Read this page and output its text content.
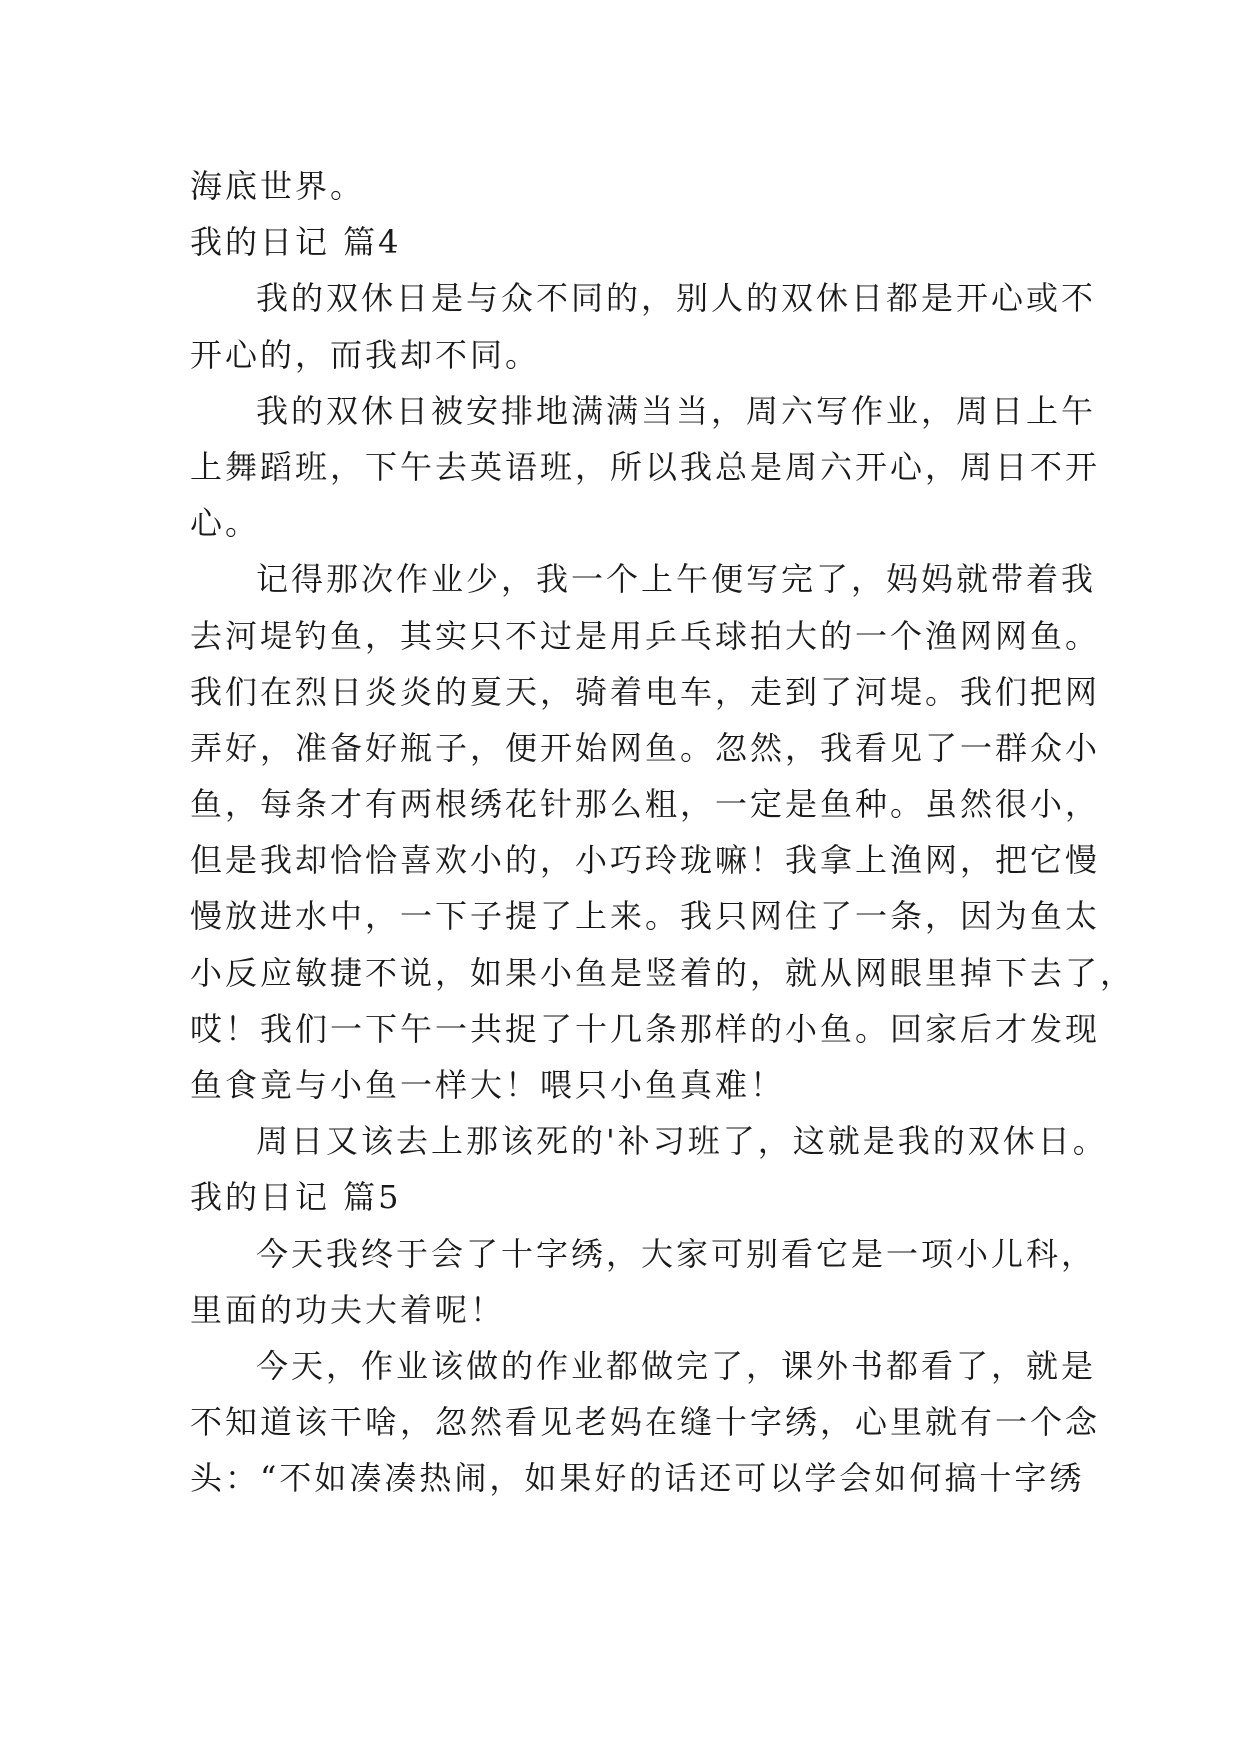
海底世界。
我的日记 篇4
我的双休日是与众不同的，别人的双休日都是开心或不
开心的，而我却不同。
我的双休日被安排地满满当当，周六写作业，周日上午
上舞蹈班，下午去英语班，所以我总是周六开心，周日不开
心。
记得那次作业少，我一个上午便写完了，妈妈就带着我
去河堤钓鱼，其实只不过是用乒乓球拍大的一个渔网网鱼。
我们在烈日炎炎的夏天，骑着电车，走到了河堤。我们把网
弄好，准备好瓶子，便开始网鱼。忽然，我看见了一群众小
鱼，每条才有两根绣花针那么粗，一定是鱼种。虽然很小，
但是我却恰恰喜欢小的，小巧玲珑嘛！我拿上渔网，把它慢
慢放进水中，一下子提了上来。我只网住了一条，因为鱼太
小反应敏捷不说，如果小鱼是竖着的，就从网眼里掉下去了，
哎！我们一下午一共捉了十几条那样的小鱼。回家后才发现
鱼食竟与小鱼一样大！喂只小鱼真难！
周日又该去上那该死的'补习班了，这就是我的双休日。
我的日记 篇5
今天我终于会了十字绣，大家可别看它是一项小儿科，
里面的功夫大着呢！
今天，作业该做的作业都做完了，课外书都看了，就是
不知道该干啥，忽然看见老妈在缝十字绣，心里就有一个念
头：“不如凑凑热闹，如果好的话还可以学会如何搞十字绣
